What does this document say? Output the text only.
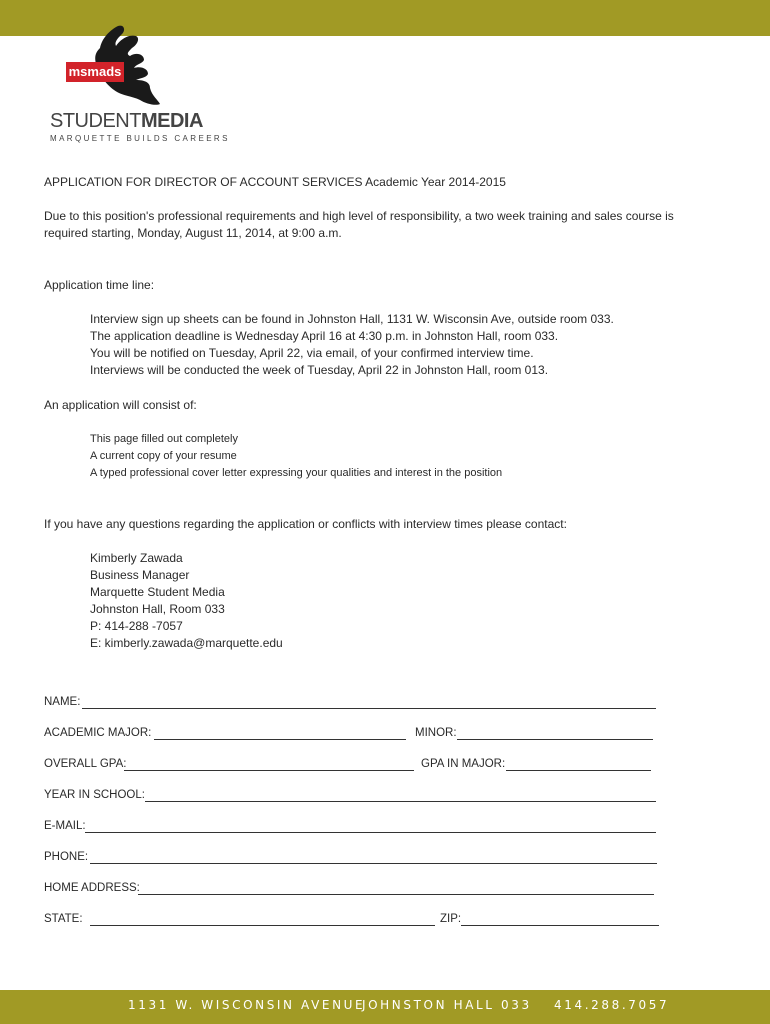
msmads
STUDENTMEDIA
MARQUETTE BUILDS CAREERS
APPLICATION FOR DIRECTOR OF ACCOUNT SERVICES Academic Year 2014-2015
Due to this position's professional requirements and high level of responsibility, a two week training and sales course is
required starting, Monday, August 11, 2014, at 9:00 a.m.
Application time line:
Interview sign up sheets can be found in Johnston Hall, 1131 W. Wisconsin Ave, outside room 033.
The application deadline is Wednesday April 16 at 4:30 p.m. in Johnston Hall, room 033.
You will be notified on Tuesday, April 22, via email, of your confirmed interview time.
Interviews will be conducted the week of Tuesday, April 22 in Johnston Hall, room 013.
An application will consist of:
This page filled out completely
A current copy of your resume
A typed professional cover letter expressing your qualities and interest in the position
If you have any questions regarding the application or conflicts with interview times please contact:
Kimberly Zawada
Business Manager
Marquette Student Media
Johnston Hall, Room 033
P: 414-288 -7057
E: kimberly.zawada@marquette.edu
NAME:
ACADEMIC MAJOR:	MINOR:
OVERALL GPA:	GPA IN MAJOR:
YEAR IN SCHOOL:
E-MAIL:
PHONE:
HOME ADDRESS:
STATE:	ZIP:
1131 W. WISCONSIN AVENUE
JOHNSTON HALL 033 414.288.7057
